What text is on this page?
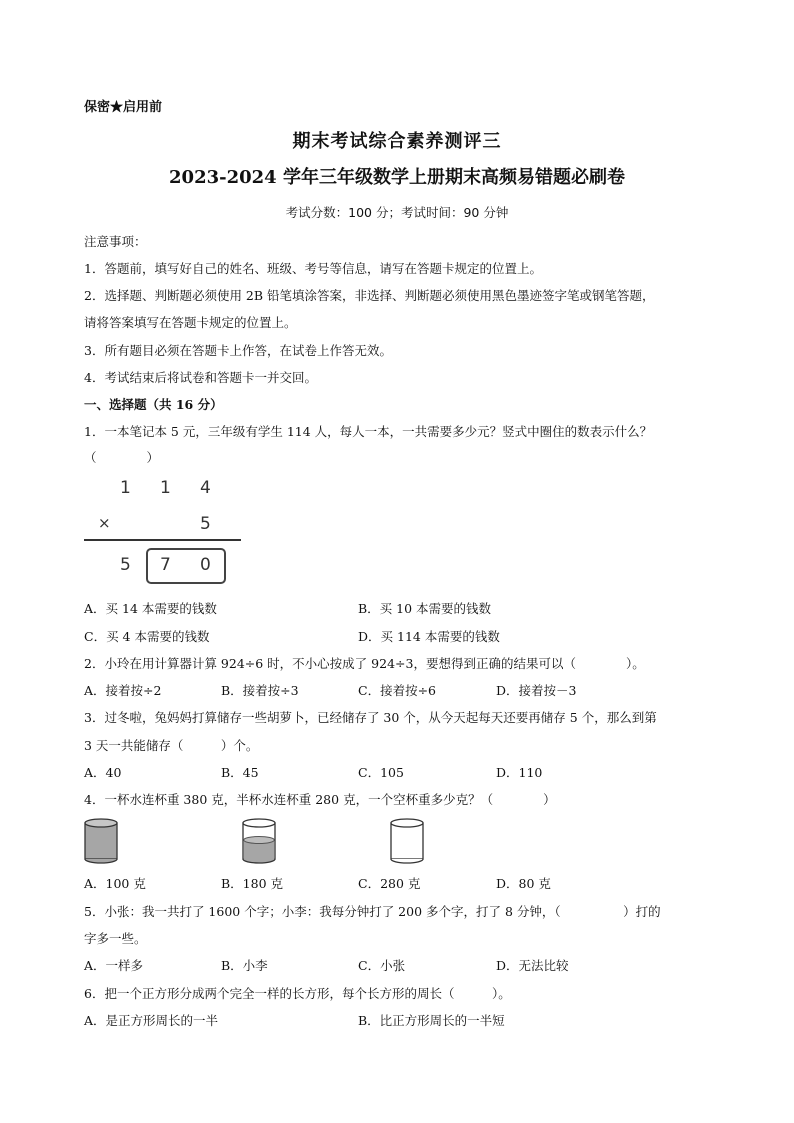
保密★启用前
期末考试综合素养测评三
2023-2024 学年三年级数学上册期末高频易错题必刷卷
考试分数：100 分；考试时间：90 分钟
注意事项：
1．答题前，填写好自己的姓名、班级、考号等信息，请写在答题卡规定的位置上。
2．选择题、判断题必须使用 2B 铅笔填涂答案，非选择、判断题必须使用黑色墨迹签字笔或钢笔答题，
请将答案填写在答题卡规定的位置上。
3．所有题目必须在答题卡上作答，在试卷上作答无效。
4．考试结束后将试卷和答题卡一并交回。
一、选择题（共 16 分）
1．一本笔记本 5 元，三年级有学生 114 人，每人一本，一共需要多少元？竖式中圈住的数表示什么？
（　　　　）
1 1 4
×	5
5 7 0
A．买 14 本需要的钱数	B．买 10 本需要的钱数
C．买 4 本需要的钱数	D．买 114 本需要的钱数
2．小玲在用计算器计算 924÷6 时，不小心按成了 924÷3，要想得到正确的结果可以（　　　　）。
A．接着按÷2	B．接着按÷3	C．接着按÷6	D．接着按－3
3．过冬啦，兔妈妈打算储存一些胡萝卜，已经储存了 30 个，从今天起每天还要再储存 5 个，那么到第
3 天一共能储存（　　　）个。
A．40	B．45	C．105	D．110
4．一杯水连杯重 380 克，半杯水连杯重 280 克，一个空杯重多少克？（　　　　）
A．100 克	B．180 克	C．280 克	D．80 克
5．小张：我一共打了 1600 个字；小李：我每分钟打了 200 多个字，打了 8 分钟，（　　　　　）打的
字多一些。
A．一样多	B．小李	C．小张	D．无法比较
6．把一个正方形分成两个完全一样的长方形，每个长方形的周长（　　　）。
A．是正方形周长的一半	B．比正方形周长的一半短
